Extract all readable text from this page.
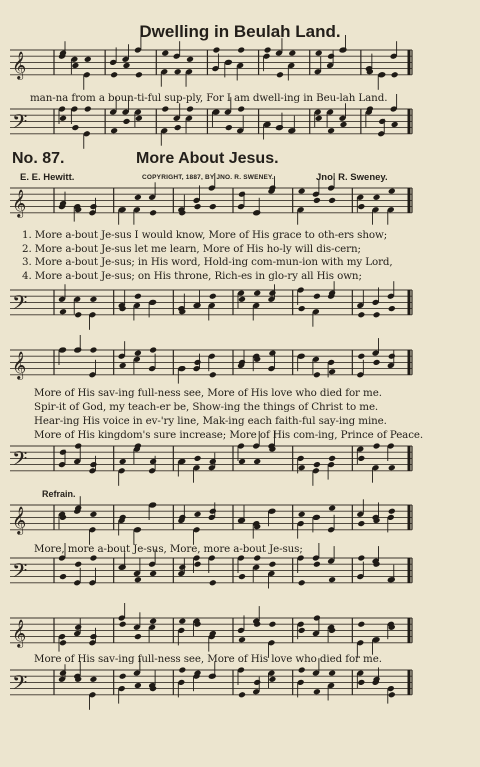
𝄞
𝄢
𝄞
𝄢
𝄞
𝄢
𝄞
𝄢
𝄞
𝄢
Dwelling in Beulah Land.
man-na from a boun-ti-ful sup-ply, For I am dwell-ing in Beu-lah Land.
No. 87.	More About Jesus.
E. E. Hewitt.	COPYRIGHT, 1887, BY JNO. R. SWENEY.	Jno. R. Sweney.
1. More a-bout Je-sus I would know, More of His grace to oth-ers show;
2. More a-bout Je-sus let me learn, More of His ho-ly will dis-cern;
3. More a-bout Je-sus; in His word, Hold-ing com-mun-ion with my Lord,
4. More a-bout Je-sus; on His throne, Rich-es in glo-ry all His own;
More of His sav-ing full-ness see, More of His love who died for me.
Spir-it of God, my teach-er be, Show-ing the things of Christ to me.
Hear-ing His voice in ev-'ry line, Mak-ing each faith-ful say-ing mine.
More of His kingdom's sure increase; More of His com-ing, Prince of Peace.
Refrain.
More, more a-bout Je-sus, More, more a-bout Je-sus;
More of His sav-ing full-ness see, More of His love who died for me.
